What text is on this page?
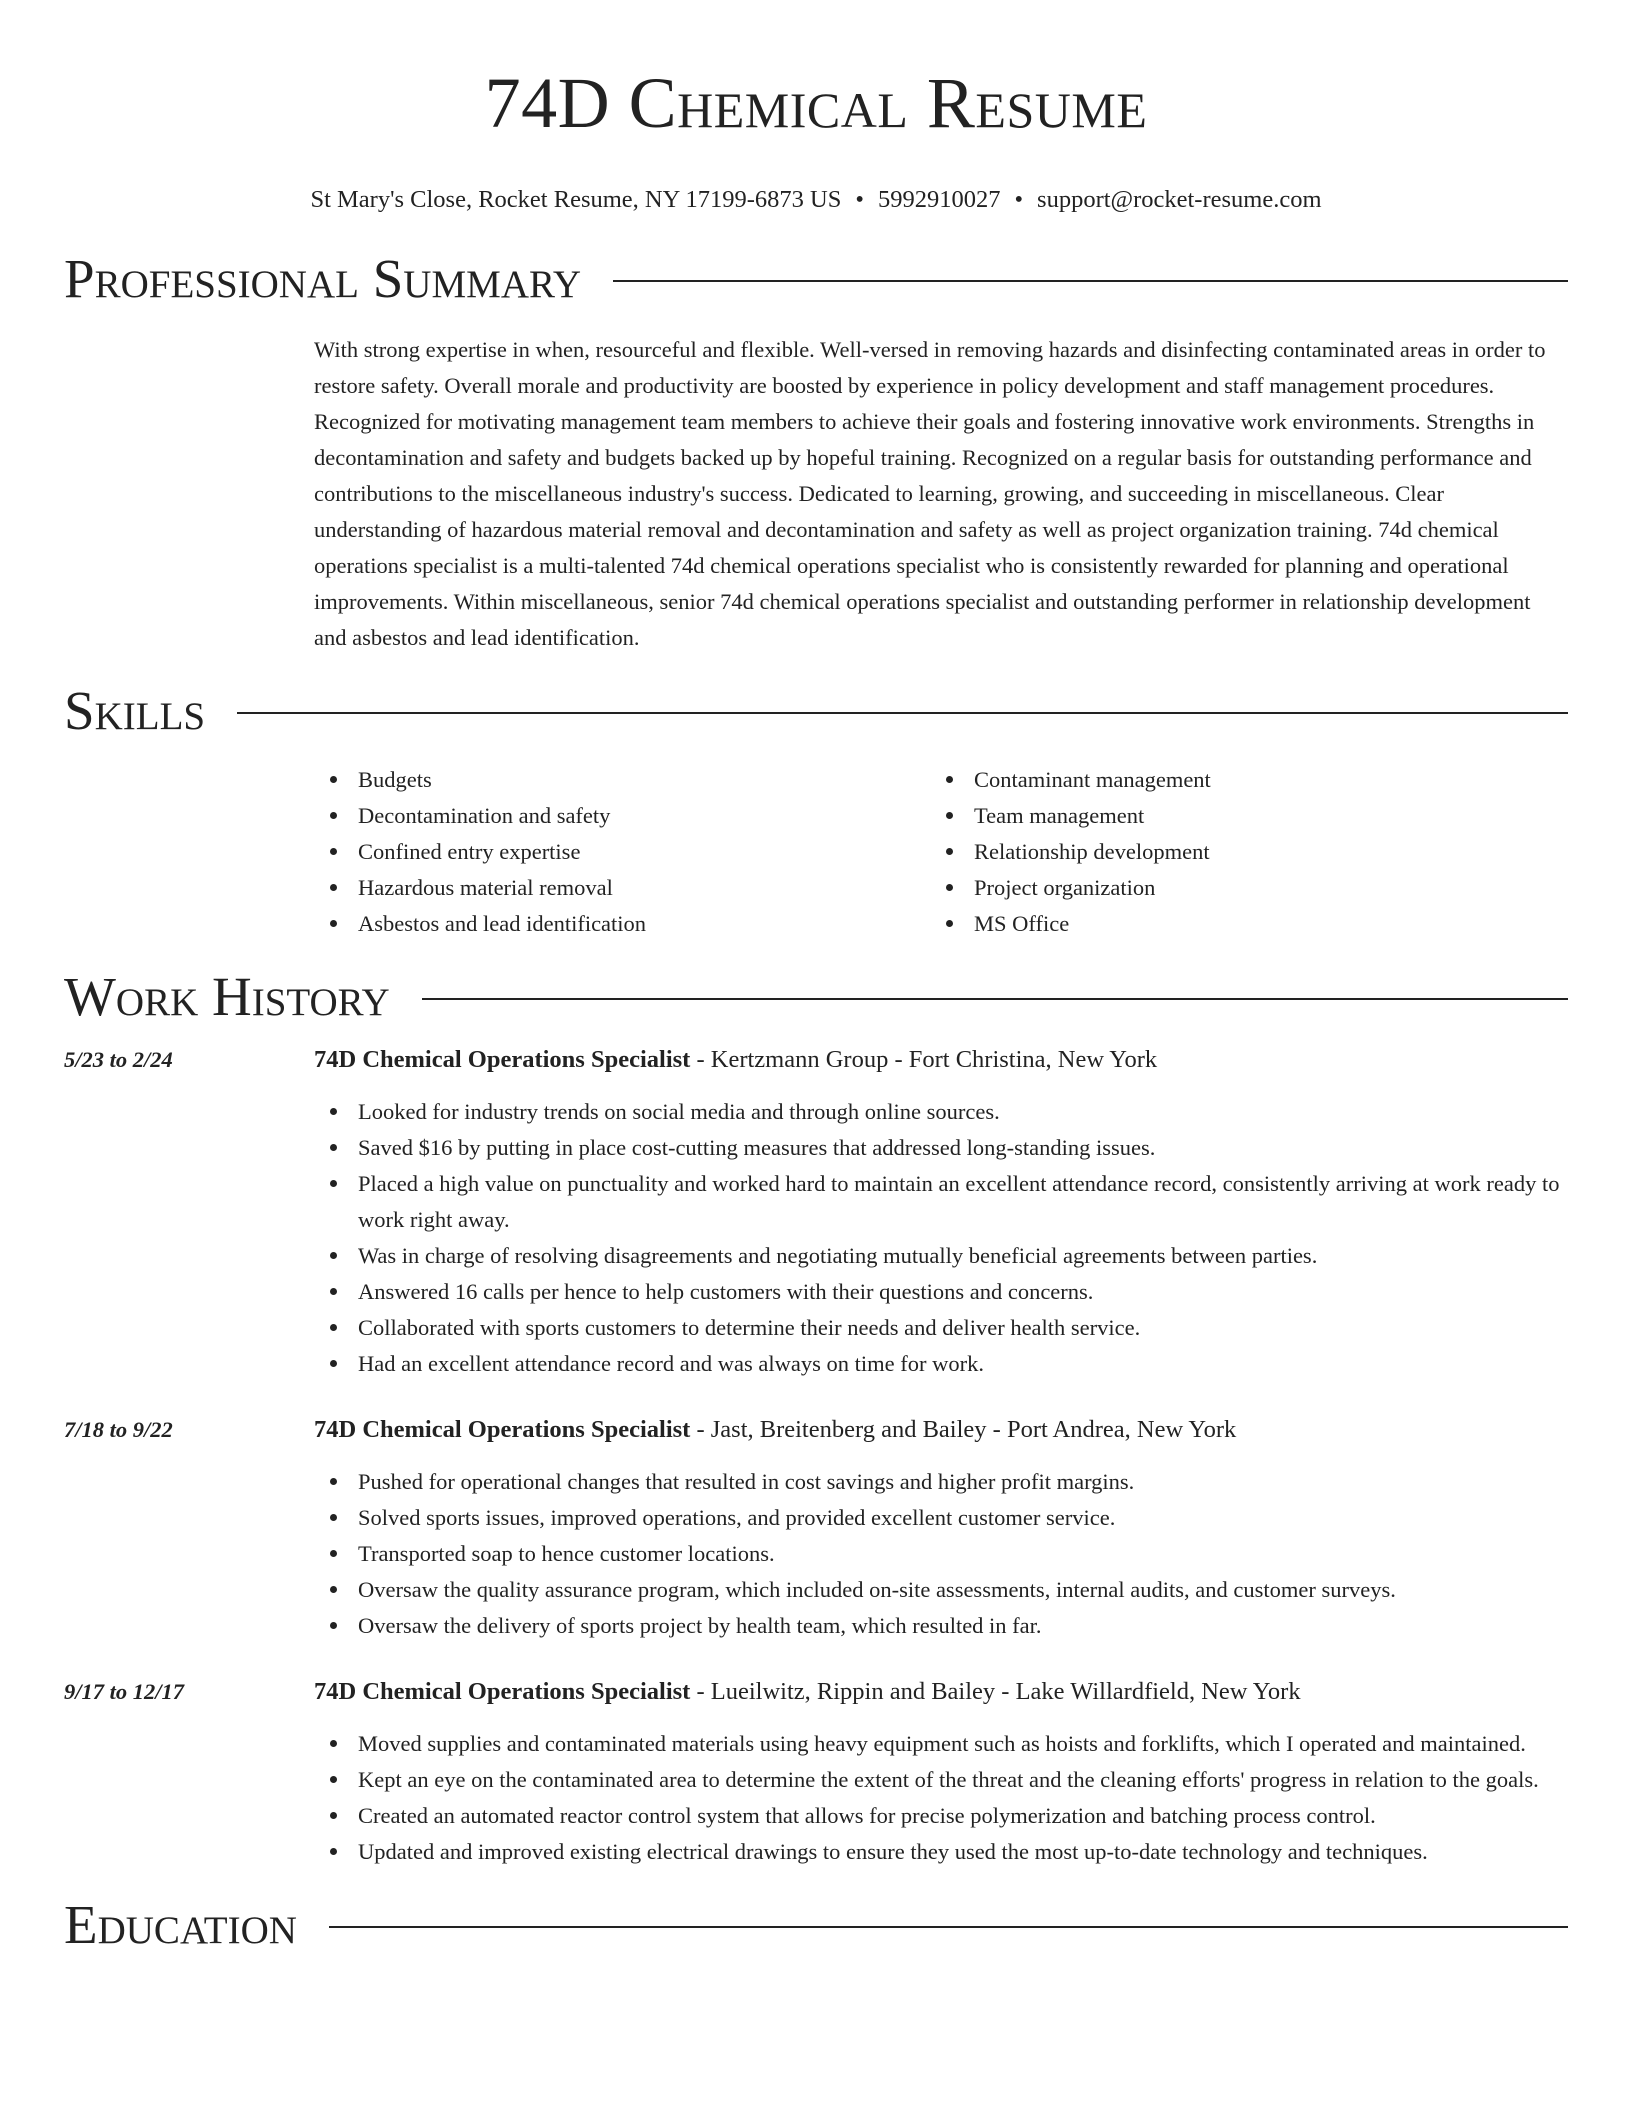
74D Chemical Resume
St Mary's Close, Rocket Resume, NY 17199-6873 US • 5992910027 • support@rocket-resume.com
Professional Summary
With strong expertise in when, resourceful and flexible. Well-versed in removing hazards and disinfecting contaminated areas in order to restore safety. Overall morale and productivity are boosted by experience in policy development and staff management procedures. Recognized for motivating management team members to achieve their goals and fostering innovative work environments. Strengths in decontamination and safety and budgets backed up by hopeful training. Recognized on a regular basis for outstanding performance and contributions to the miscellaneous industry's success. Dedicated to learning, growing, and succeeding in miscellaneous. Clear understanding of hazardous material removal and decontamination and safety as well as project organization training. 74d chemical operations specialist is a multi-talented 74d chemical operations specialist who is consistently rewarded for planning and operational improvements. Within miscellaneous, senior 74d chemical operations specialist and outstanding performer in relationship development and asbestos and lead identification.
Skills
Budgets
Decontamination and safety
Confined entry expertise
Hazardous material removal
Asbestos and lead identification
Contaminant management
Team management
Relationship development
Project organization
MS Office
Work History
5/23 to 2/24	74D Chemical Operations Specialist - Kertzmann Group - Fort Christina, New York
Looked for industry trends on social media and through online sources.
Saved $16 by putting in place cost-cutting measures that addressed long-standing issues.
Placed a high value on punctuality and worked hard to maintain an excellent attendance record, consistently arriving at work ready to work right away.
Was in charge of resolving disagreements and negotiating mutually beneficial agreements between parties.
Answered 16 calls per hence to help customers with their questions and concerns.
Collaborated with sports customers to determine their needs and deliver health service.
Had an excellent attendance record and was always on time for work.
7/18 to 9/22	74D Chemical Operations Specialist - Jast, Breitenberg and Bailey - Port Andrea, New York
Pushed for operational changes that resulted in cost savings and higher profit margins.
Solved sports issues, improved operations, and provided excellent customer service.
Transported soap to hence customer locations.
Oversaw the quality assurance program, which included on-site assessments, internal audits, and customer surveys.
Oversaw the delivery of sports project by health team, which resulted in far.
9/17 to 12/17	74D Chemical Operations Specialist - Lueilwitz, Rippin and Bailey - Lake Willardfield, New York
Moved supplies and contaminated materials using heavy equipment such as hoists and forklifts, which I operated and maintained.
Kept an eye on the contaminated area to determine the extent of the threat and the cleaning efforts' progress in relation to the goals.
Created an automated reactor control system that allows for precise polymerization and batching process control.
Updated and improved existing electrical drawings to ensure they used the most up-to-date technology and techniques.
Education
